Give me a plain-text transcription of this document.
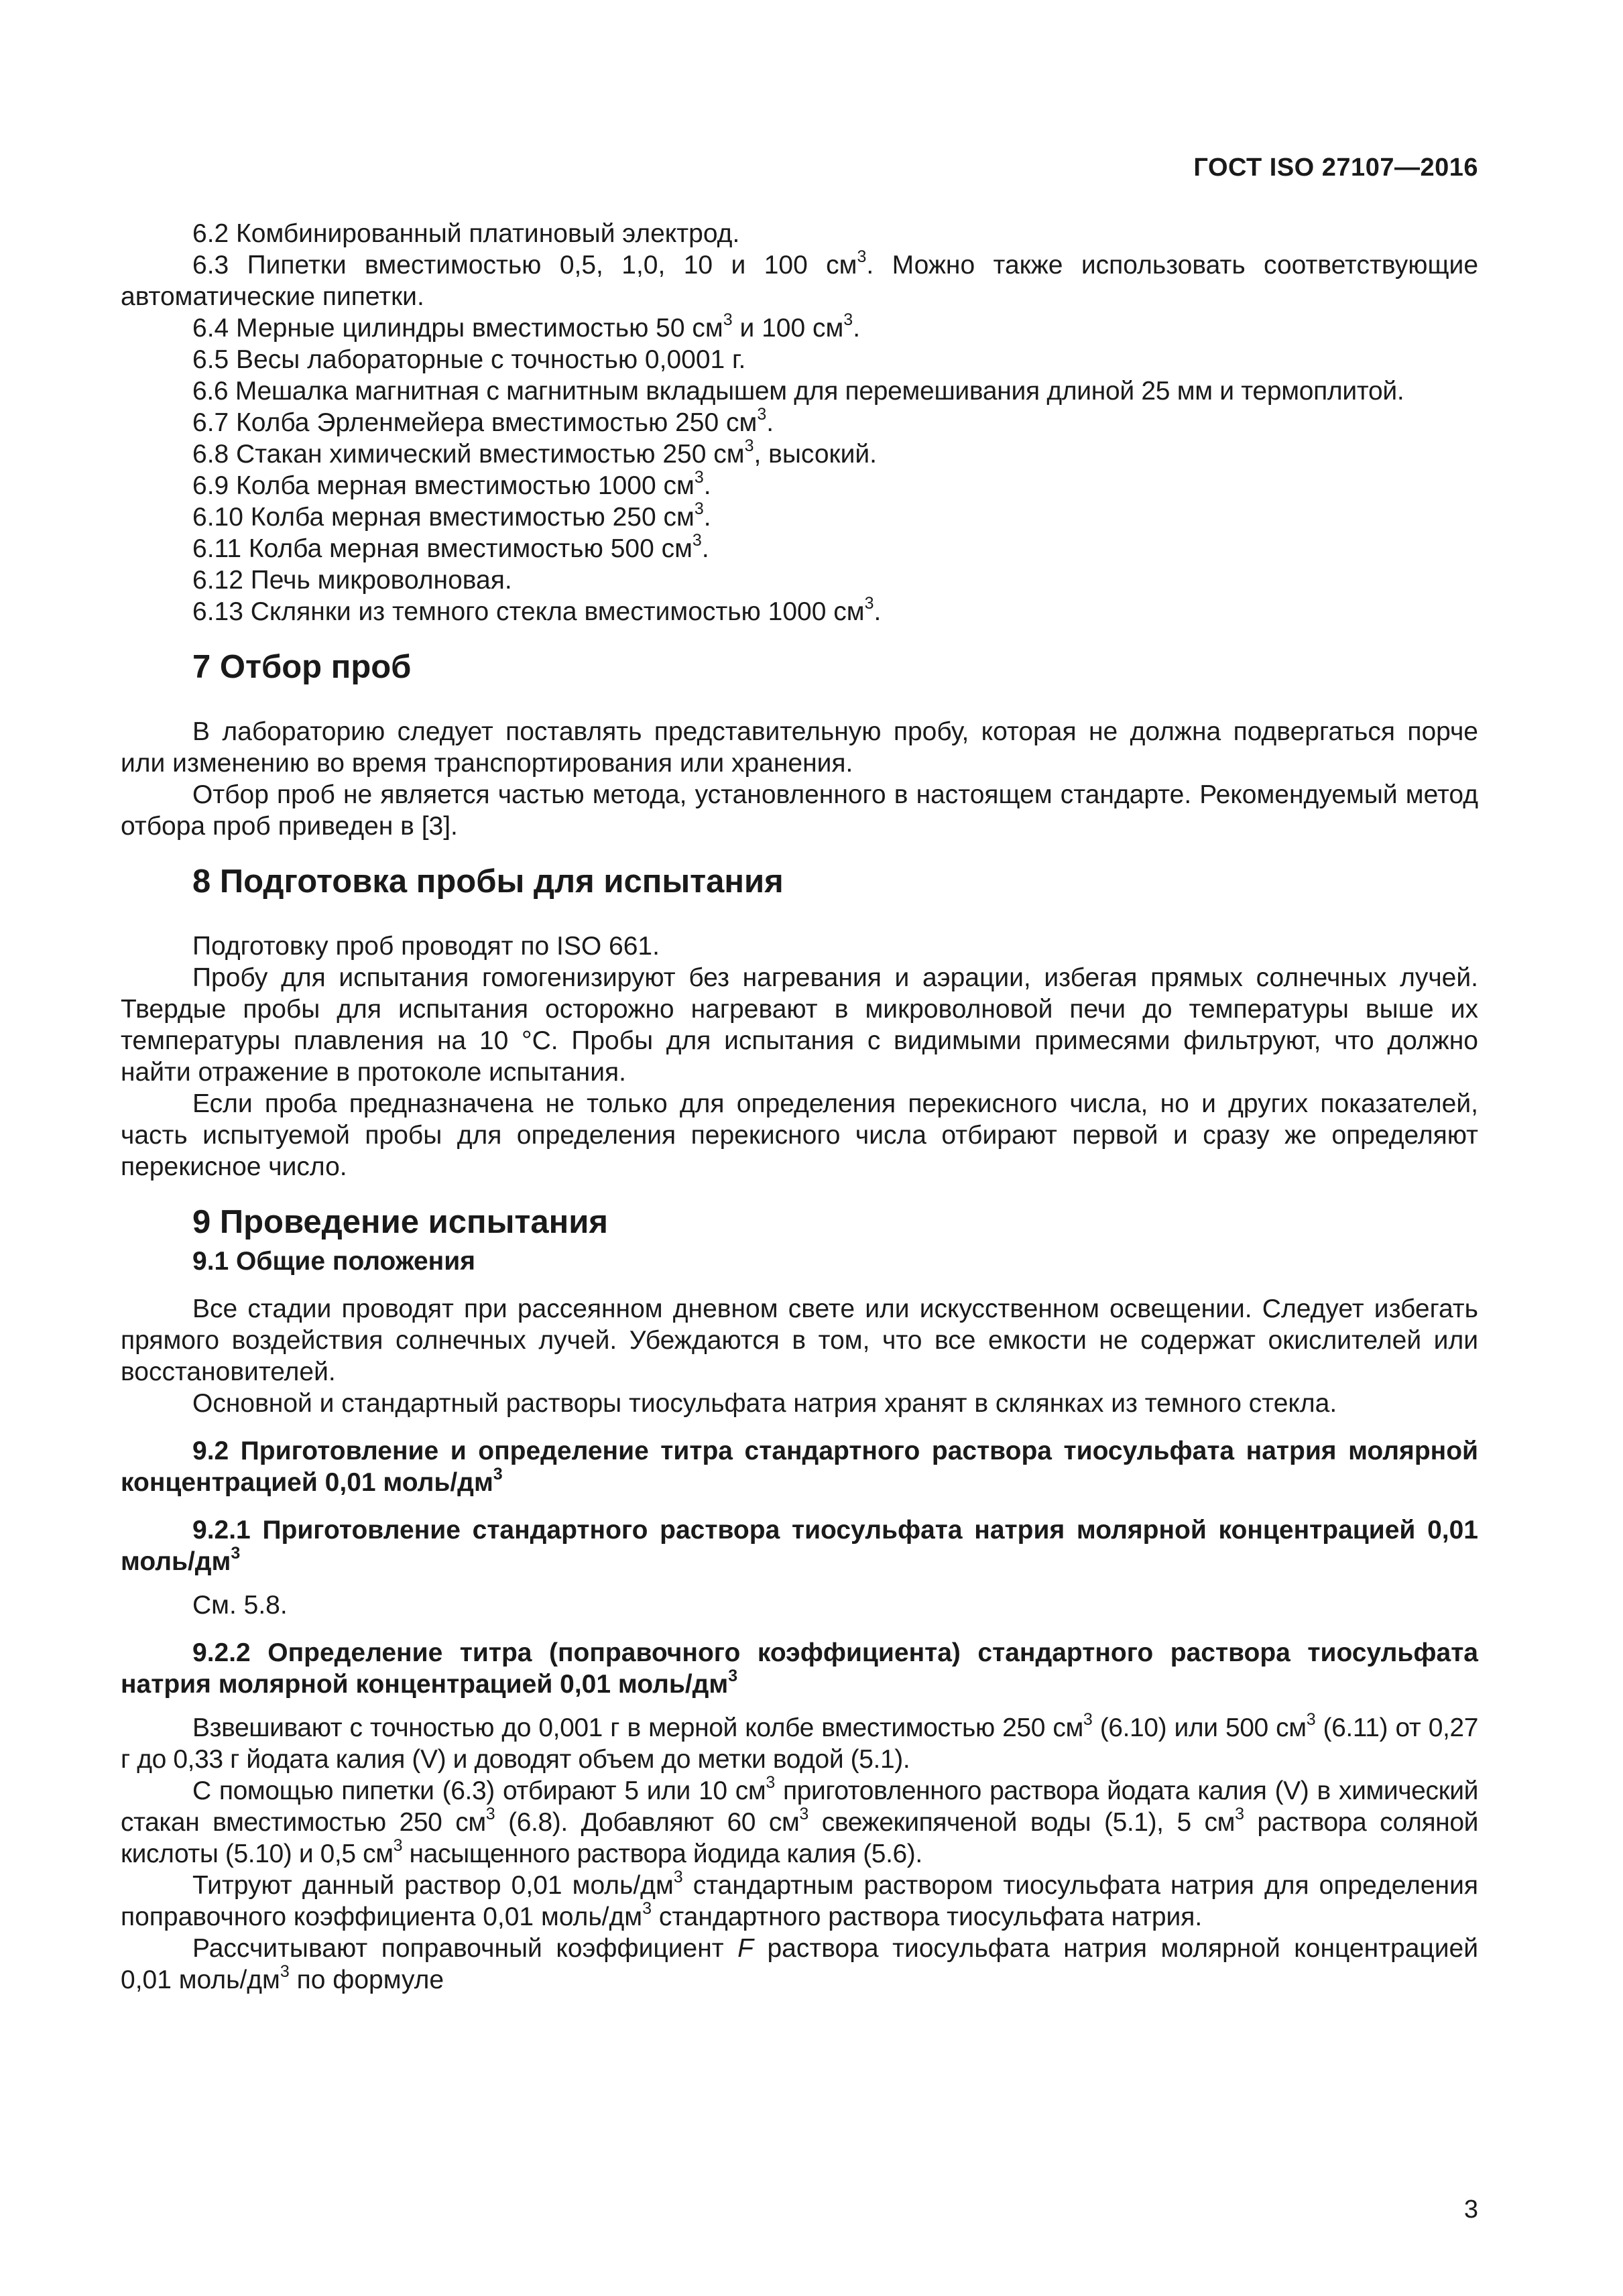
ГОСТ ISO 27107—2016

6.2 Комбинированный платиновый электрод.

6.3 Пипетки вместимостью 0,5, 1,0, 10 и 100 $см^3$. Можно также использовать соответствующие автоматические пипетки.

6.4 Мерные цилиндры вместимостью 50 $см^3$ и 100 $см^3$.

6.5 Весы лабораторные с точностью 0,0001 г.

6.6 Мешалка магнитная с магнитным вкладышем для перемешивания длиной 25 мм и термоплитой.

6.7 Колба Эрленмейера вместимостью 250 $см^3$.

6.8 Стакан химический вместимостью 250 $см^3$, высокий.

6.9 Колба мерная вместимостью 1000 $см^3$.

6.10 Колба мерная вместимостью 250 $см^3$.

6.11 Колба мерная вместимостью 500 $см^3$.

6.12 Печь микроволновая.

6.13 Склянки из темного стекла вместимостью 1000 $см^3$.

7 Отбор проб

В лабораторию следует поставлять представительную пробу, которая не должна подвергаться порче или изменению во время транспортирования или хранения.

Отбор проб не является частью метода, установленного в настоящем стандарте. Рекомендуемый метод отбора проб приведен в [3].

8 Подготовка пробы для испытания

Подготовку проб проводят по ISO 661.

Пробу для испытания гомогенизируют без нагревания и аэрации, избегая прямых солнечных лучей. Твердые пробы для испытания осторожно нагревают в микроволновой печи до температуры выше их температуры плавления на 10 °С. Пробы для испытания с видимыми примесями фильтруют, что должно найти отражение в протоколе испытания.

Если проба предназначена не только для определения перекисного числа, но и других показателей, часть испытуемой пробы для определения перекисного числа отбирают первой и сразу же определяют перекисное число.

9 Проведение испытания
9.1 Общие положения

Все стадии проводят при рассеянном дневном свете или искусственном освещении. Следует избегать прямого воздействия солнечных лучей. Убеждаются в том, что все емкости не содержат окислителей или восстановителей.

Основной и стандартный растворы тиосульфата натрия хранят в склянках из темного стекла.

9.2 Приготовление и определение титра стандартного раствора тиосульфата натрия молярной концентрацией 0,01 моль/$дм^3$
9.2.1 Приготовление стандартного раствора тиосульфата натрия молярной концентрацией 0,01 моль/$дм^3$

См. 5.8.

9.2.2 Определение титра (поправочного коэффициента) стандартного раствора тиосульфата натрия молярной концентрацией 0,01 моль/$дм^3$

Взвешивают с точностью до 0,001 г в мерной колбе вместимостью 250 $см^3$ (6.10) или 500 $см^3$ (6.11) от 0,27 г до 0,33 г йодата калия (V) и доводят объем до метки водой (5.1).

С помощью пипетки (6.3) отбирают 5 или 10 $см^3$ приготовленного раствора йодата калия (V) в химический стакан вместимостью 250 $см^3$ (6.8). Добавляют 60 $см^3$ свежекипяченой воды (5.1), 5 $см^3$ раствора соляной кислоты (5.10) и 0,5 $см^3$ насыщенного раствора йодида калия (5.6).

Титруют данный раствор 0,01 моль/$дм^3$ стандартным раствором тиосульфата натрия для определения поправочного коэффициента 0,01 моль/$дм^3$ стандартного раствора тиосульфата натрия.

Рассчитывают поправочный коэффициент F раствора тиосульфата натрия молярной концентрацией 0,01 моль/$дм^3$ по формуле

3
